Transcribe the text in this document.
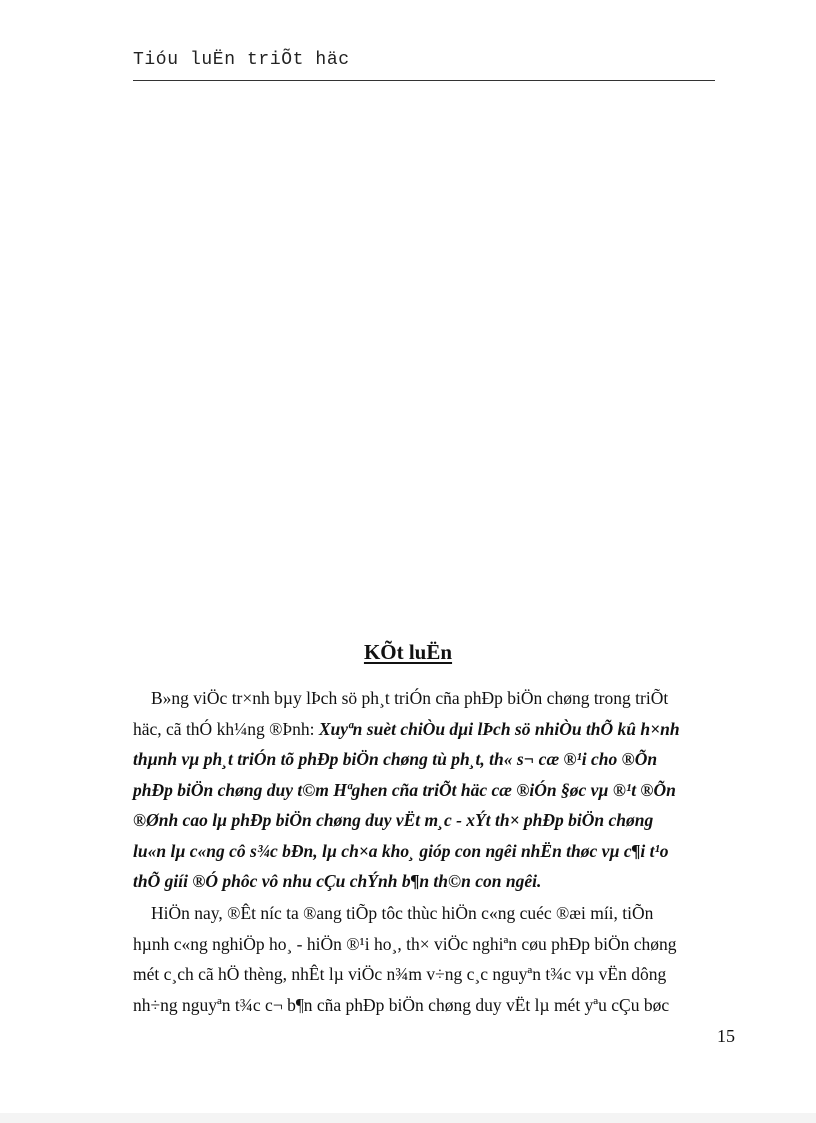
Tióu luËn triÕt häc
KÕt luËn
B»ng viÖc tr×nh bµy lÞch sö ph¸t triÓn cña phÐp biÖn chøng trong triÕt
häc, cã thÓ kh¼ng ®Þnh: Xuyªn suèt chiÒu dµi lÞch sö nhiÒu thÕ kû h×nh
thµnh vµ ph¸t triÓn tõ phÐp biÖn chøng tù ph¸t, th« s¬ cæ ®¹i cho ®Õn
phÐp biÖn chøng duy t©m Hªghen cña triÕt häc cæ ®iÓn §øc vµ ®¹t ®Õn
®Ønh cao lµ phÐp biÖn chøng duy vËt m¸c - xÝt th× phÐp biÖn chøng
lu«n lµ c«ng cô s¾c bÐn, lµ ch×a kho¸ gióp con ngêi nhËn thøc vµ c¶i t¹o
thÕ giíi ®Ó phôc vô nhu cÇu chÝnh b¶n th©n con ngêi.
HiÖn nay, ®Êt níc ta ®ang tiÕp tôc thùc hiÖn c«ng cuéc ®æi míi, tiÕn
hµnh c«ng nghiÖp ho¸ - hiÖn ®¹i ho¸, th× viÖc nghiªn cøu phÐp biÖn chøng
mét c¸ch cã hÖ thèng, nhÊt lµ viÖc n¾m v÷ng c¸c nguyªn t¾c vµ vËn dông
nh÷ng nguyªn t¾c c¬ b¶n cña phÐp biÖn chøng duy vËt lµ mét yªu cÇu bøc
15
